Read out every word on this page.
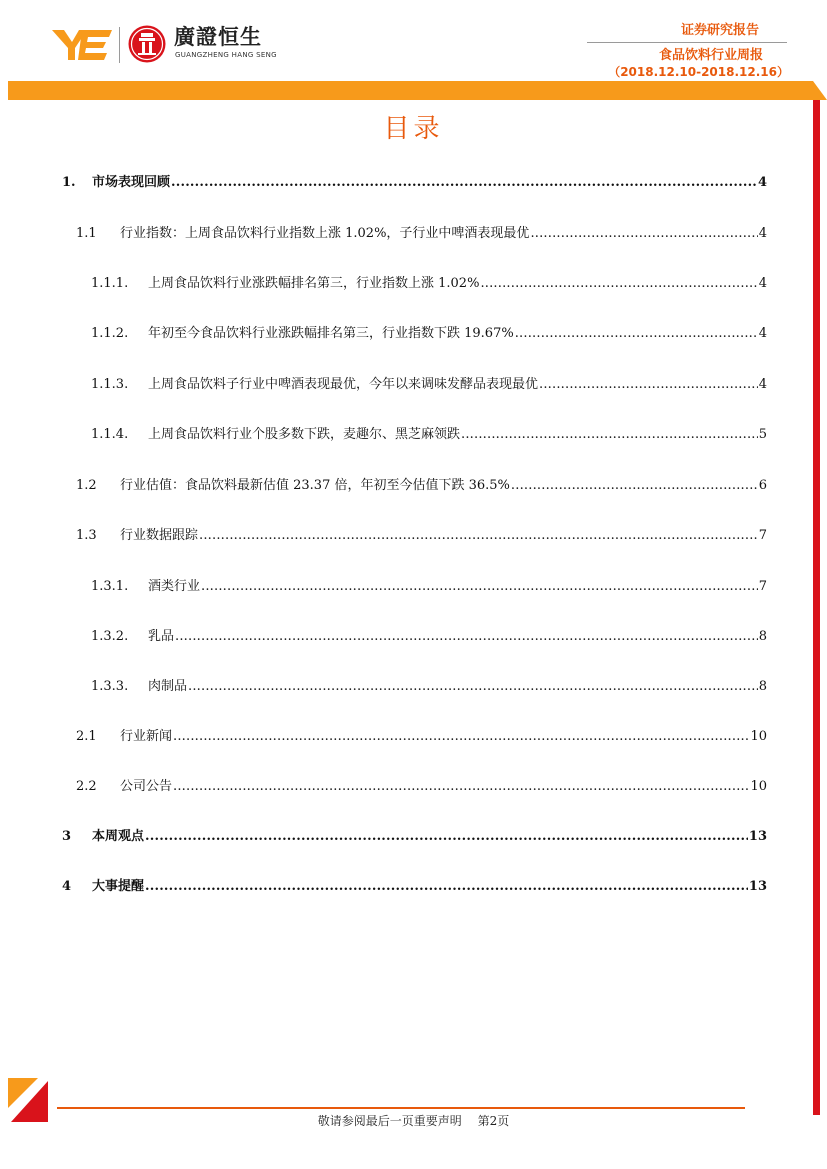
廣證恒生
GUANGZHENG HANG SENG
证券研究报告
食品饮料行业周报
（2018.12.10-2018.12.16）
目录
1.	市场表现回顾 .....	4
1.1	行业指数：上周食品饮料行业指数上涨 1.02%，子行业中啤酒表现最优 .....	4
1.1.1.	上周食品饮料行业涨跌幅排名第三，行业指数上涨 1.02% .....	4
1.1.2.	年初至今食品饮料行业涨跌幅排名第三，行业指数下跌 19.67% .....	4
1.1.3.	上周食品饮料子行业中啤酒表现最优，今年以来调味发酵品表现最优 .....	4
1.1.4.	上周食品饮料行业个股多数下跌，麦趣尔、黑芝麻领跌 .....	5
1.2	行业估值：食品饮料最新估值 23.37 倍，年初至今估值下跌 36.5% .....	6
1.3	行业数据跟踪 .....	7
1.3.1.	酒类行业 .....	7
1.3.2.	乳品 .....	8
1.3.3.	肉制品 .....	8
2.1	行业新闻 .....	10
2.2	公司公告 .....	10
3	本周观点 .....	13
4	大事提醒 .....	13
敬请参阅最后一页重要声明 第2页
